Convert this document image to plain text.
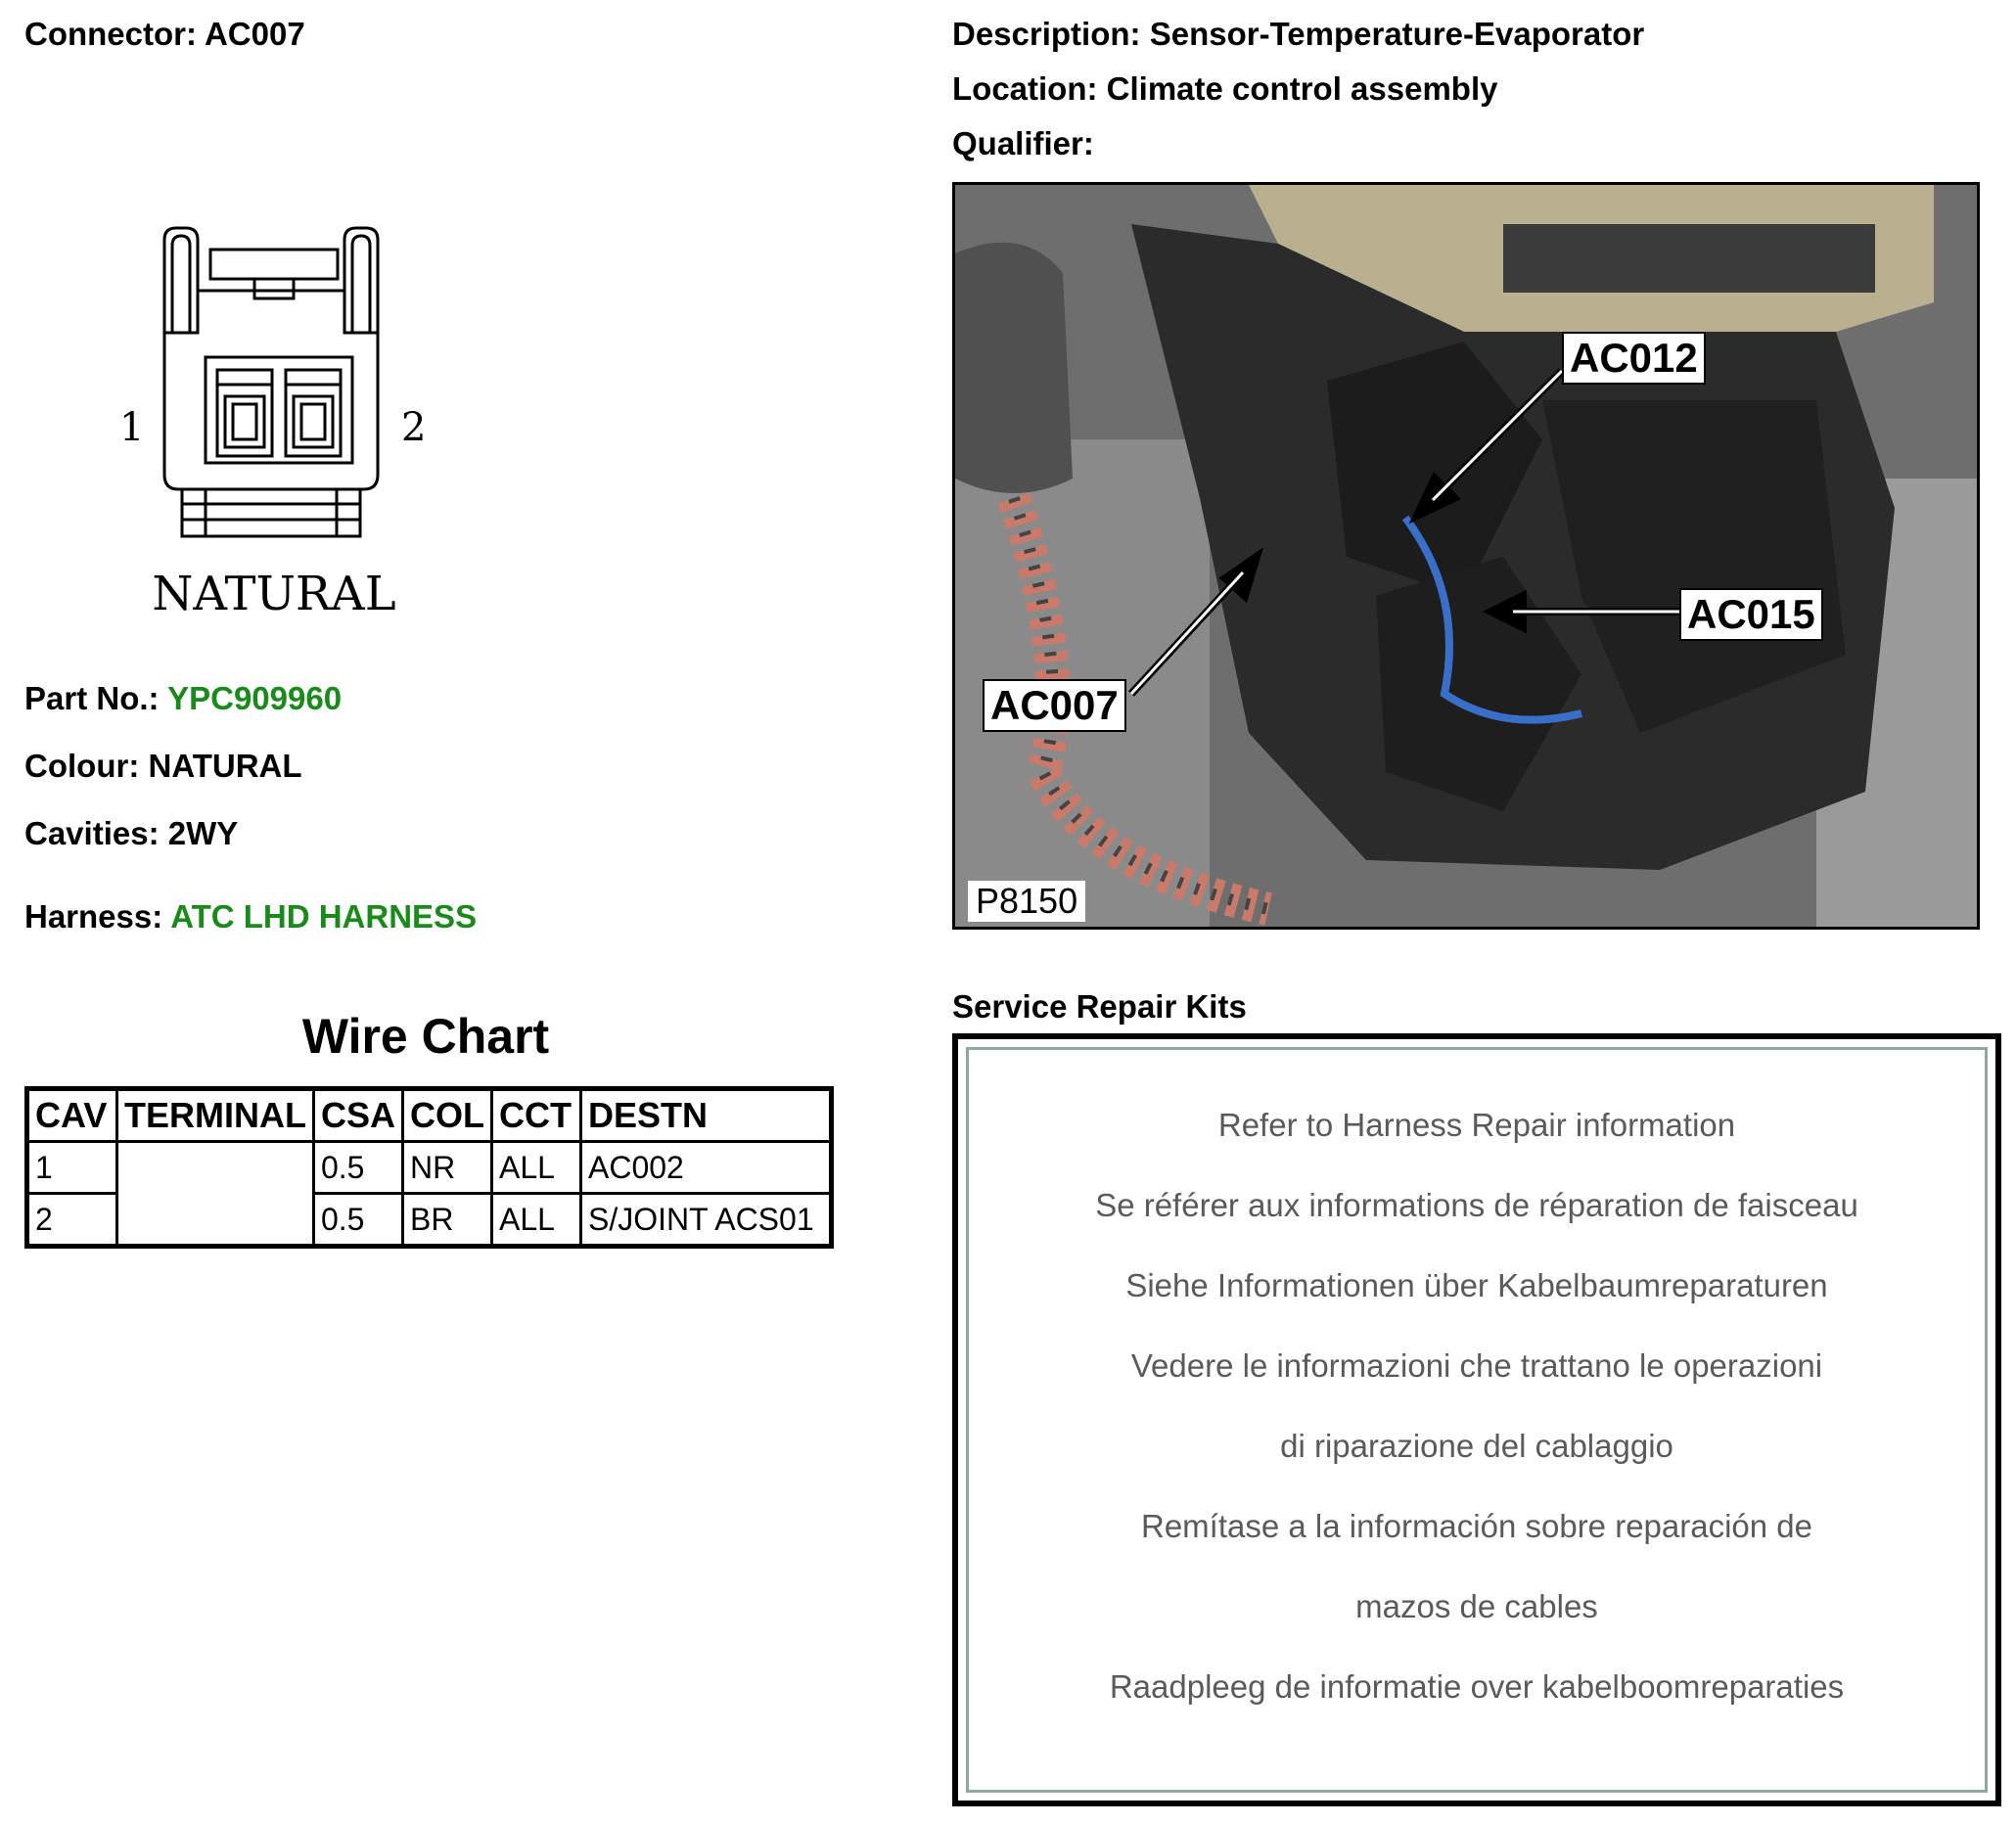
Connector: AC007
1	2
NATURAL
Part No.: YPC909960
Colour: NATURAL
Cavities: 2WY
Harness: ATC LHD HARNESS
Wire Chart
CAV	TERMINAL	CSA	COL	CCT	DESTN
1		0.5	NR	ALL	AC002
2		0.5	BR	ALL	S/JOINT ACS01
Description: Sensor-Temperature-Evaporator
Location: Climate control assembly
Qualifier:
AC012
AC015
AC007
P8150
Service Repair Kits
Refer to Harness Repair information
Se référer aux informations de réparation de faisceau
Siehe Informationen über Kabelbaumreparaturen
Vedere le informazioni che trattano le operazioni
di riparazione del cablaggio
Remítase a la información sobre reparación de
mazos de cables
Raadpleeg de informatie over kabelboomreparaties
